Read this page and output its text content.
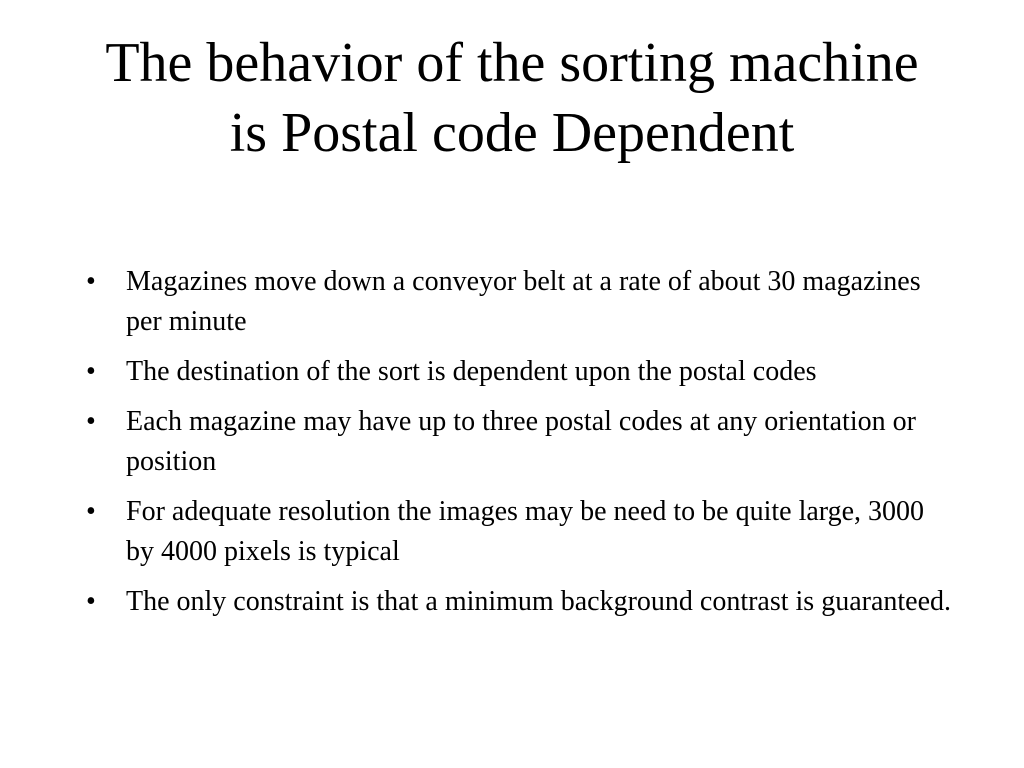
The behavior of the sorting machine is Postal code Dependent
•	Magazines move down a conveyor belt at a rate of about 30 magazines per minute
•	The destination of the sort is dependent upon the postal codes
•	Each magazine may have up to three postal codes at any orientation or position
•	For adequate resolution the images may be need to be quite large, 3000 by 4000 pixels is typical
•	The only constraint is that a minimum background contrast is guaranteed.
